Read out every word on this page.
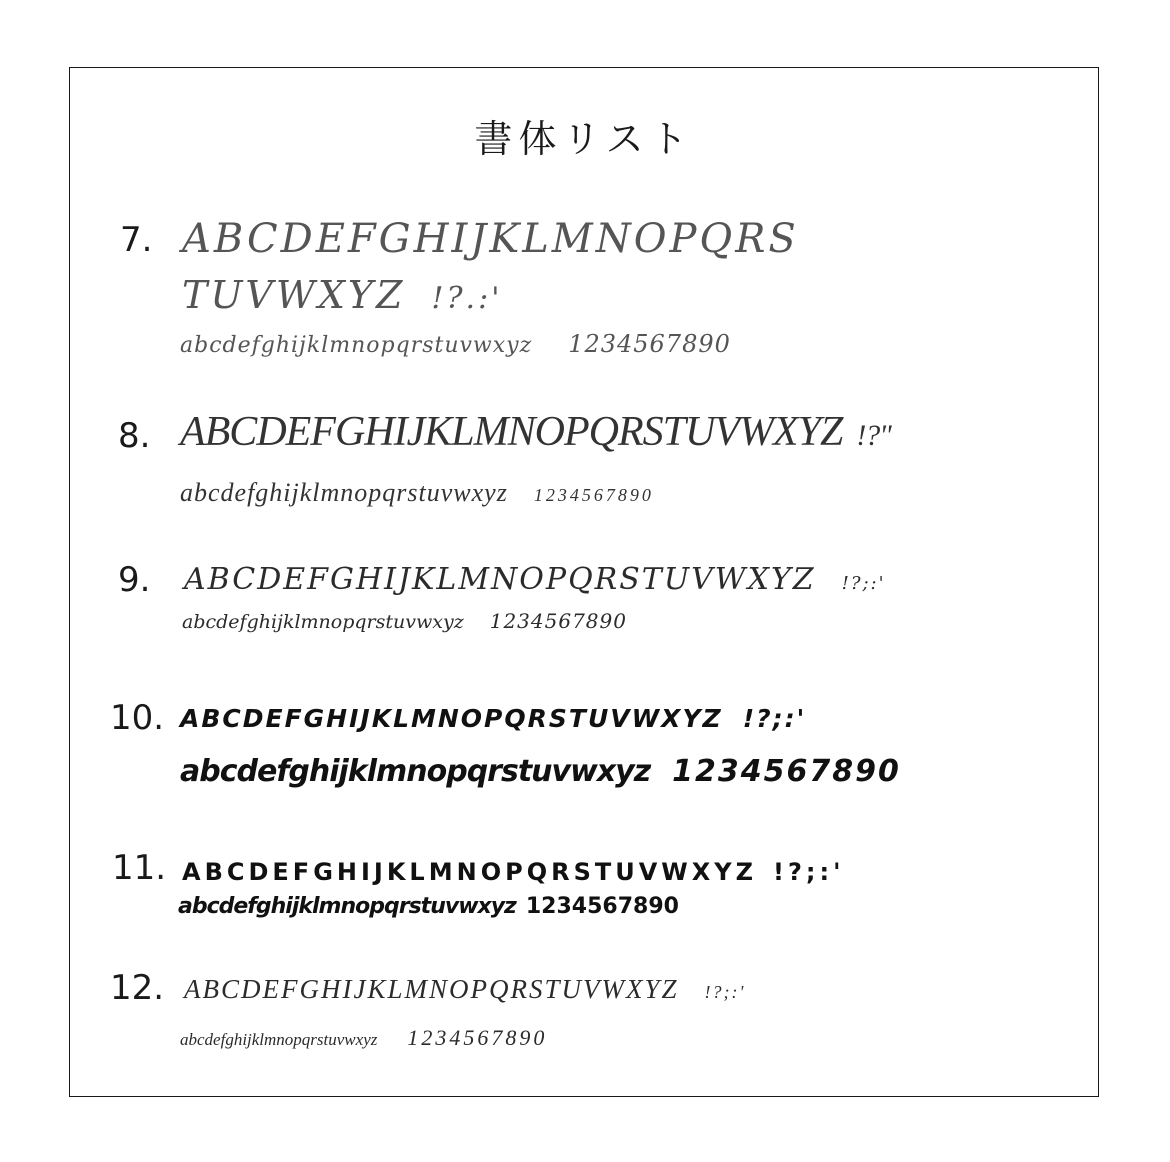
書体リスト
7. ABCDEFGHIJKLMNOPQRS
TUVWXYZ !?.:'
abcdefghijklmnopqrstuvwxyz 1234567890
8. ABCDEFGHIJKLMNOPQRSTUVWXYZ !?"
abcdefghijklmnopqrstuvwxyz 1234567890
9. ABCDEFGHIJKLMNOPQRSTUVWXYZ !?;:'
abcdefghijklmnopqrstuvwxyz 1234567890
10. ABCDEFGHIJKLMNOPQRSTUVWXYZ !?;:'
abcdefghijklmnopqrstuvwxyz 1234567890
11. ABCDEFGHIJKLMNOPQRSTUVWXYZ !?;:'
abcdefghijklmnopqrstuvwxyz 1234567890
12. ABCDEFGHIJKLMNOPQRSTUVWXYZ !?;:'
abcdefghijklmnopqrstuvwxyz 1234567890
